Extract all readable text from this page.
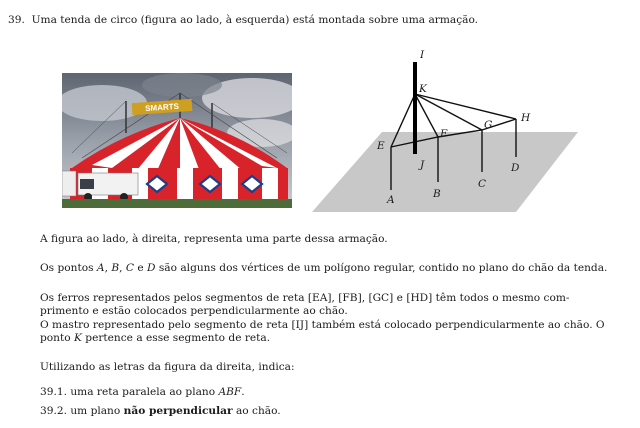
39. Uma tenda de circo (figura ao lado, à esquerda) está montada sobre uma armação.
SMARTS
I
K
H
G
F
E
J	D
C
B
A
A figura ao lado, à direita, representa uma parte dessa armação.
Os pontos A, B, C e D são alguns dos vértices de um polígono regular, contido no plano do chão da tenda.
Os ferros representados pelos segmentos de reta [EA], [FB], [GC] e [HD] têm todos o mesmo com-
primento e estão colocados perpendicularmente ao chão.
O mastro representado pelo segmento de reta [IJ] também está colocado perpendicularmente ao chão. O
ponto K pertence a esse segmento de reta.
Utilizando as letras da figura da direita, indica:
39.1. uma reta paralela ao plano ABF.
39.2. um plano não perpendicular ao chão.
